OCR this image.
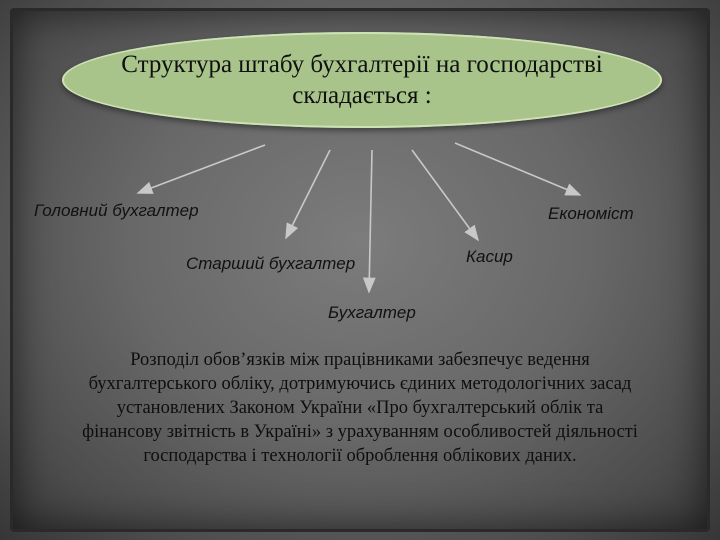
Структура штабу бухгалтерії на господарстві
складається :
Головний бухгалтер	Економіст
Старший бухгалтер	Касир
Бухгалтер
Розподіл обов’язків між працівниками забезпечує ведення бухгалтерського обліку, дотримуючись єдиних методологічних засад установлених Законом України «Про бухгалтерський облік та фінансову звітність в Україні» з урахуванням особливостей діяльності господарства і технології оброблення облікових даних.
